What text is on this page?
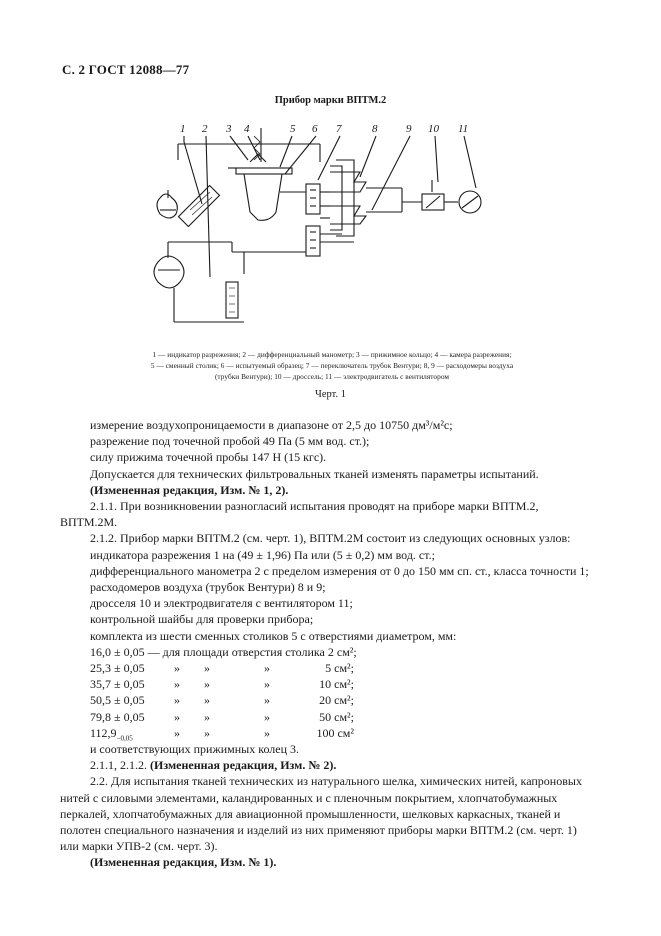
С. 2 ГОСТ 12088—77
Прибор марки ВПТМ.2
1 2 3 4	5 6 7	8	9 10 11
1 — индикатор разрежения; 2 — дифференциальный манометр; 3 — прижимное кольцо; 4 — камера разрежения;
5 — сменный столик; 6 — испытуемый образец; 7 — переключатель трубок Вентури; 8, 9 — расходомеры воздуха
(трубки Вентури); 10 — дроссель; 11 — электродвигатель с вентилятором
Черт. 1

измерение воздухопроницаемости в диапазоне от 2,5 до 10750 дм³/м²с;

разрежение под точечной пробой 49 Па (5 мм вод. ст.);

силу прижима точечной пробы 147 Н (15 кгс).

Допускается для технических фильтровальных тканей изменять параметры испытаний.

(Измененная редакция, Изм. № 1, 2).

2.1.1. При возникновении разногласий испытания проводят на приборе марки ВПТМ.2,

ВПТМ.2М.

2.1.2. Прибор марки ВПТМ.2 (см. черт. 1), ВПТМ.2М состоит из следующих основных узлов:

индикатора разрежения 1 на (49 ± 1,96) Па или (5 ± 0,2) мм вод. ст.;

дифференциального манометра 2 с пределом измерения от 0 до 150 мм сп. ст., класса точности 1;

расходомеров воздуха (трубок Вентури) 8 и 9;

дросселя 10 и электродвигателя с вентилятором 11;

контрольной шайбы для проверки прибора;

комплекта из шести сменных столиков 5 с отверстиями диаметром, мм:

16,0 ± 0,05 — для площади отверстия столика 2 см²;

25,3 ± 0,05	»	»	»	5 см²;
35,7 ± 0,05	»	»	»	10 см²;
50,5 ± 0,05	»	»	»	20 см²;
79,8 ± 0,05	»	»	»	50 см²;
$112,9_{-0,05}$	»	»	»	100 см²

и соответствующих прижимных колец 3.

2.1.1, 2.1.2. (Измененная редакция, Изм. № 2).

2.2. Для испытания тканей технических из натурального шелка, химических нитей, капроновых

нитей с силовыми элементами, каландированных и с пленочным покрытием, хлопчатобумажных

перкалей, хлопчатобумажных для авиационной промышленности, шелковых каркасных, тканей и

полотен специального назначения и изделий из них применяют приборы марки ВПТМ.2 (см. черт. 1)

или марки УПВ-2 (см. черт. 3).

(Измененная редакция, Изм. № 1).
